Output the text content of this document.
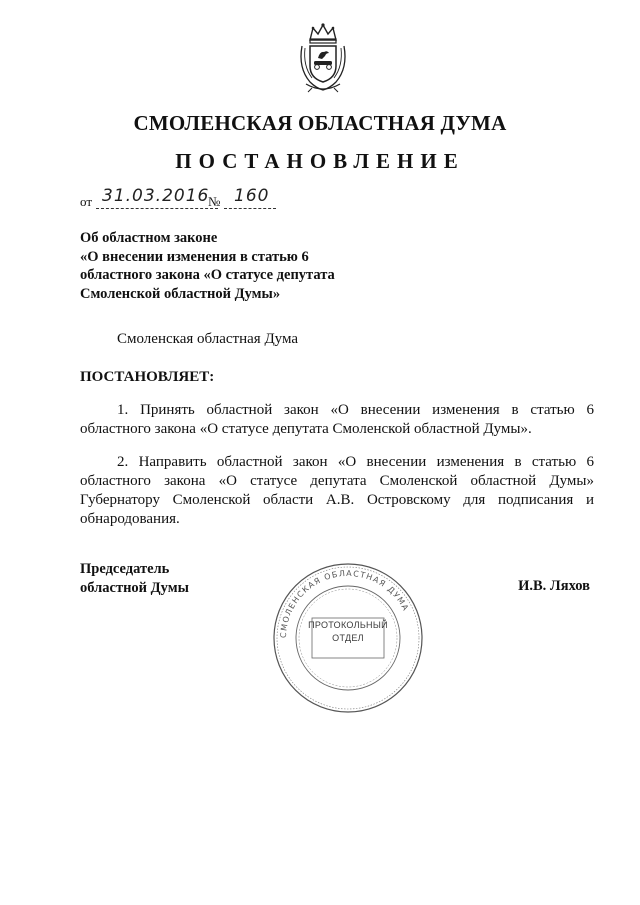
СМОЛЕНСКАЯ ОБЛАСТНАЯ ДУМА
ПОСТАНОВЛЕНИЕ
от 31.03.2016
№ 160
Об областном законе
«О внесении изменения в статью 6
областного закона «О статусе депутата
Смоленской областной Думы»
Смоленская областная Дума
ПОСТАНОВЛЯЕТ:
1. Принять областной закон «О внесении изменения в статью 6 областного закона «О статусе депутата Смоленской областной Думы».
2. Направить областной закон «О внесении изменения в статью 6 областного закона «О статусе депутата Смоленской областной Думы» Губернатору Смоленской области А.В. Островскому для подписания и обнародования.
Председатель
областной Думы	И.В. Ляхов
СМОЛЕНСКАЯ ОБЛАСТНАЯ ДУМА
ПРОТОКОЛЬНЫЙ
ОТДЕЛ
